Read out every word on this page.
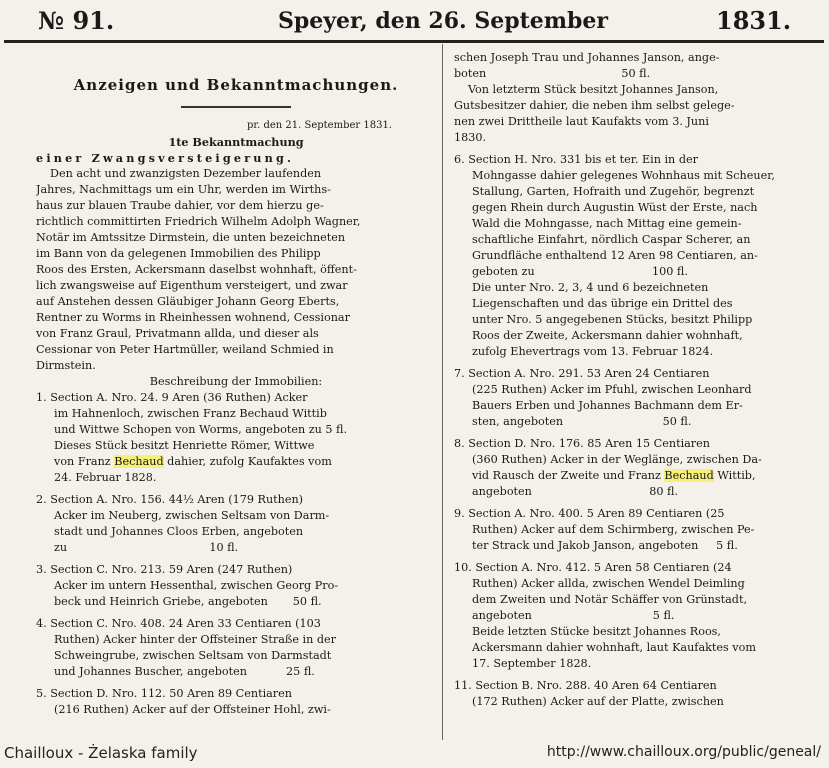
№ 91.	Speyer, den 26. September	1831.
Anzeigen und Bekanntmachungen.
pr. den 21. September 1831.
1te Bekanntmachung
einer Zwangsversteigerung.
Den acht und zwanzigsten Dezember laufenden
Jahres, Nachmittags um ein Uhr, werden im Wirths-
haus zur blauen Traube dahier, vor dem hierzu ge-
richtlich committirten Friedrich Wilhelm Adolph Wagner,
Notär im Amtssitze Dirmstein, die unten bezeichneten
im Bann von da gelegenen Immobilien des Philipp
Roos des Ersten, Ackersmann daselbst wohnhaft, öffent-
lich zwangsweise auf Eigenthum versteigert, und zwar
auf Anstehen dessen Gläubiger Johann Georg Eberts,
Rentner zu Worms in Rheinhessen wohnend, Cessionar
von Franz Graul, Privatmann allda, und dieser als
Cessionar von Peter Hartmüller, weiland Schmied in
Dirmstein.
Beschreibung der Immobilien:
1. Section A. Nro. 24. 9 Aren (36 Ruthen) Acker
im Hahnenloch, zwischen Franz Bechaud Wittib
und Wittwe Schopen von Worms, angeboten zu 5 fl.
Dieses Stück besitzt Henriette Römer, Wittwe
von Franz Bechaud dahier, zufolg Kaufaktes vom
24. Februar 1828.
2. Section A. Nro. 156. 44½ Aren (179 Ruthen)
Acker im Neuberg, zwischen Seltsam von Darm-
stadt und Johannes Cloos Erben, angeboten
zu                                        10 fl.
3. Section C. Nro. 213. 59 Aren (247 Ruthen)
Acker im untern Hessenthal, zwischen Georg Pro-
beck und Heinrich Griebe, angeboten       50 fl.
4. Section C. Nro. 408. 24 Aren 33 Centiaren (103
Ruthen) Acker hinter der Offsteiner Straße in der
Schweingrube, zwischen Seltsam von Darmstadt
und Johannes Buscher, angeboten           25 fl.
5. Section D. Nro. 112. 50 Aren 89 Centiaren
(216 Ruthen) Acker auf der Offsteiner Hohl, zwi-
schen Joseph Trau und Johannes Janson, ange-
boten                                      50 fl.
Von letzterm Stück besitzt Johannes Janson,
Gutsbesitzer dahier, die neben ihm selbst gelege-
nen zwei Drittheile laut Kaufakts vom 3. Juni
1830.
6. Section H. Nro. 331 bis et ter. Ein in der
Mohngasse dahier gelegenes Wohnhaus mit Scheuer,
Stallung, Garten, Hofraith und Zugehör, begrenzt
gegen Rhein durch Augustin Wüst der Erste, nach
Wald die Mohngasse, nach Mittag eine gemein-
schaftliche Einfahrt, nördlich Caspar Scherer, an
Grundfläche enthaltend 12 Aren 98 Centiaren, an-
geboten zu                                 100 fl.
Die unter Nro. 2, 3, 4 und 6 bezeichneten
Liegenschaften und das übrige ein Drittel des
unter Nro. 5 angegebenen Stücks, besitzt Philipp
Roos der Zweite, Ackersmann dahier wohnhaft,
zufolg Ehevertrags vom 13. Februar 1824.
7. Section A. Nro. 291. 53 Aren 24 Centiaren
(225 Ruthen) Acker im Pfuhl, zwischen Leonhard
Bauers Erben und Johannes Bachmann dem Er-
sten, angeboten                            50 fl.
8. Section D. Nro. 176. 85 Aren 15 Centiaren
(360 Ruthen) Acker in der Weglänge, zwischen Da-
vid Rausch der Zweite und Franz Bechaud Wittib,
angeboten                                 80 fl.
9. Section A. Nro. 400. 5 Aren 89 Centiaren (25
Ruthen) Acker auf dem Schirmberg, zwischen Pe-
ter Strack und Jakob Janson, angeboten     5 fl.
10. Section A. Nro. 412. 5 Aren 58 Centiaren (24
Ruthen) Acker allda, zwischen Wendel Deimling
dem Zweiten und Notär Schäffer von Grünstadt,
angeboten                                  5 fl.
Beide letzten Stücke besitzt Johannes Roos,
Ackersmann dahier wohnhaft, laut Kaufaktes vom
17. September 1828.
11. Section B. Nro. 288. 40 Aren 64 Centiaren
(172 Ruthen) Acker auf der Platte, zwischen
Chailloux - Żelaska family	http://www.chailloux.org/public/geneal/
